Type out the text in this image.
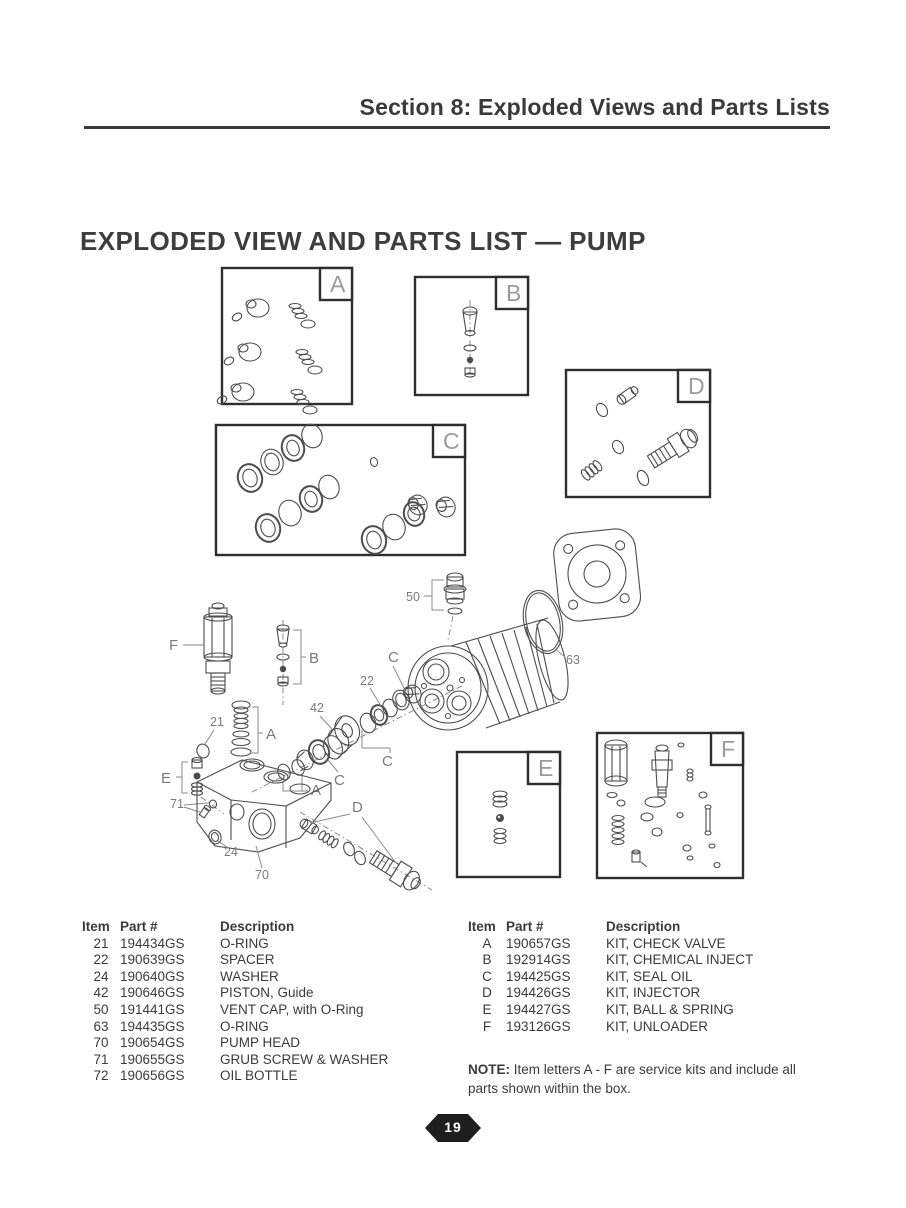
Section 8: Exploded Views and Parts Lists
EXPLODED VIEW AND PARTS LIST — PUMP
A	B
C
D
E
F
F
B
50
63
C
22
42
C
C
A
21
A
E
71
24
70
D
Item Part #	Description
21 194434GS	O-RING
22 190639GS	SPACER
24 190640GS	WASHER
42 190646GS	PISTON, Guide
50 191441GS	VENT CAP, with O-Ring
63 194435GS	O-RING
70 190654GS	PUMP HEAD
71 190655GS	GRUB SCREW & WASHER
72 190656GS	OIL BOTTLE
Item Part #	Description
A	190657GS	KIT, CHECK VALVE
B	192914GS	KIT, CHEMICAL INJECT
C	194425GS	KIT, SEAL OIL
D	194426GS	KIT, INJECTOR
E	194427GS	KIT, BALL & SPRING
F	193126GS	KIT, UNLOADER

NOTE: Item letters A - F are service kits and include all parts shown within the box.

19
